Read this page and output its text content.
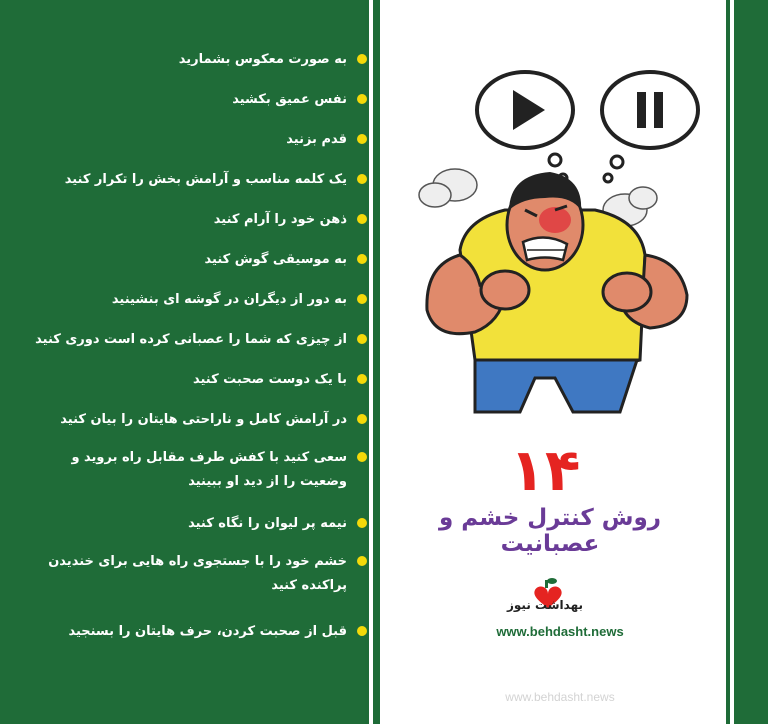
به صورت معکوس بشمارید
نفس عمیق بکشید
قدم بزنید
یک کلمه مناسب و آرامش بخش را تکرار کنید
ذهن خود را آرام کنید
به موسیقی گوش کنید
به دور از دیگران در گوشه ای بنشینید
از چیزی که شما را عصبانی کرده است دوری کنید
با یک دوست صحبت کنید
در آرامش کامل و ناراحتی هایتان را بیان کنید
سعی کنید با کفش طرف مقابل راه بروید و وضعیت را از دید او ببینید
نیمه پر لیوان را نگاه کنید
خشم خود را با جستجوی راه هایی برای خندیدن پراکنده کنید
قبل از صحبت کردن، حرف هایتان را بسنجید
۱۴
روش کنترل خشم و عصبانیت
بهداشت نیوز
www.behdasht.news
www.behdasht.news
